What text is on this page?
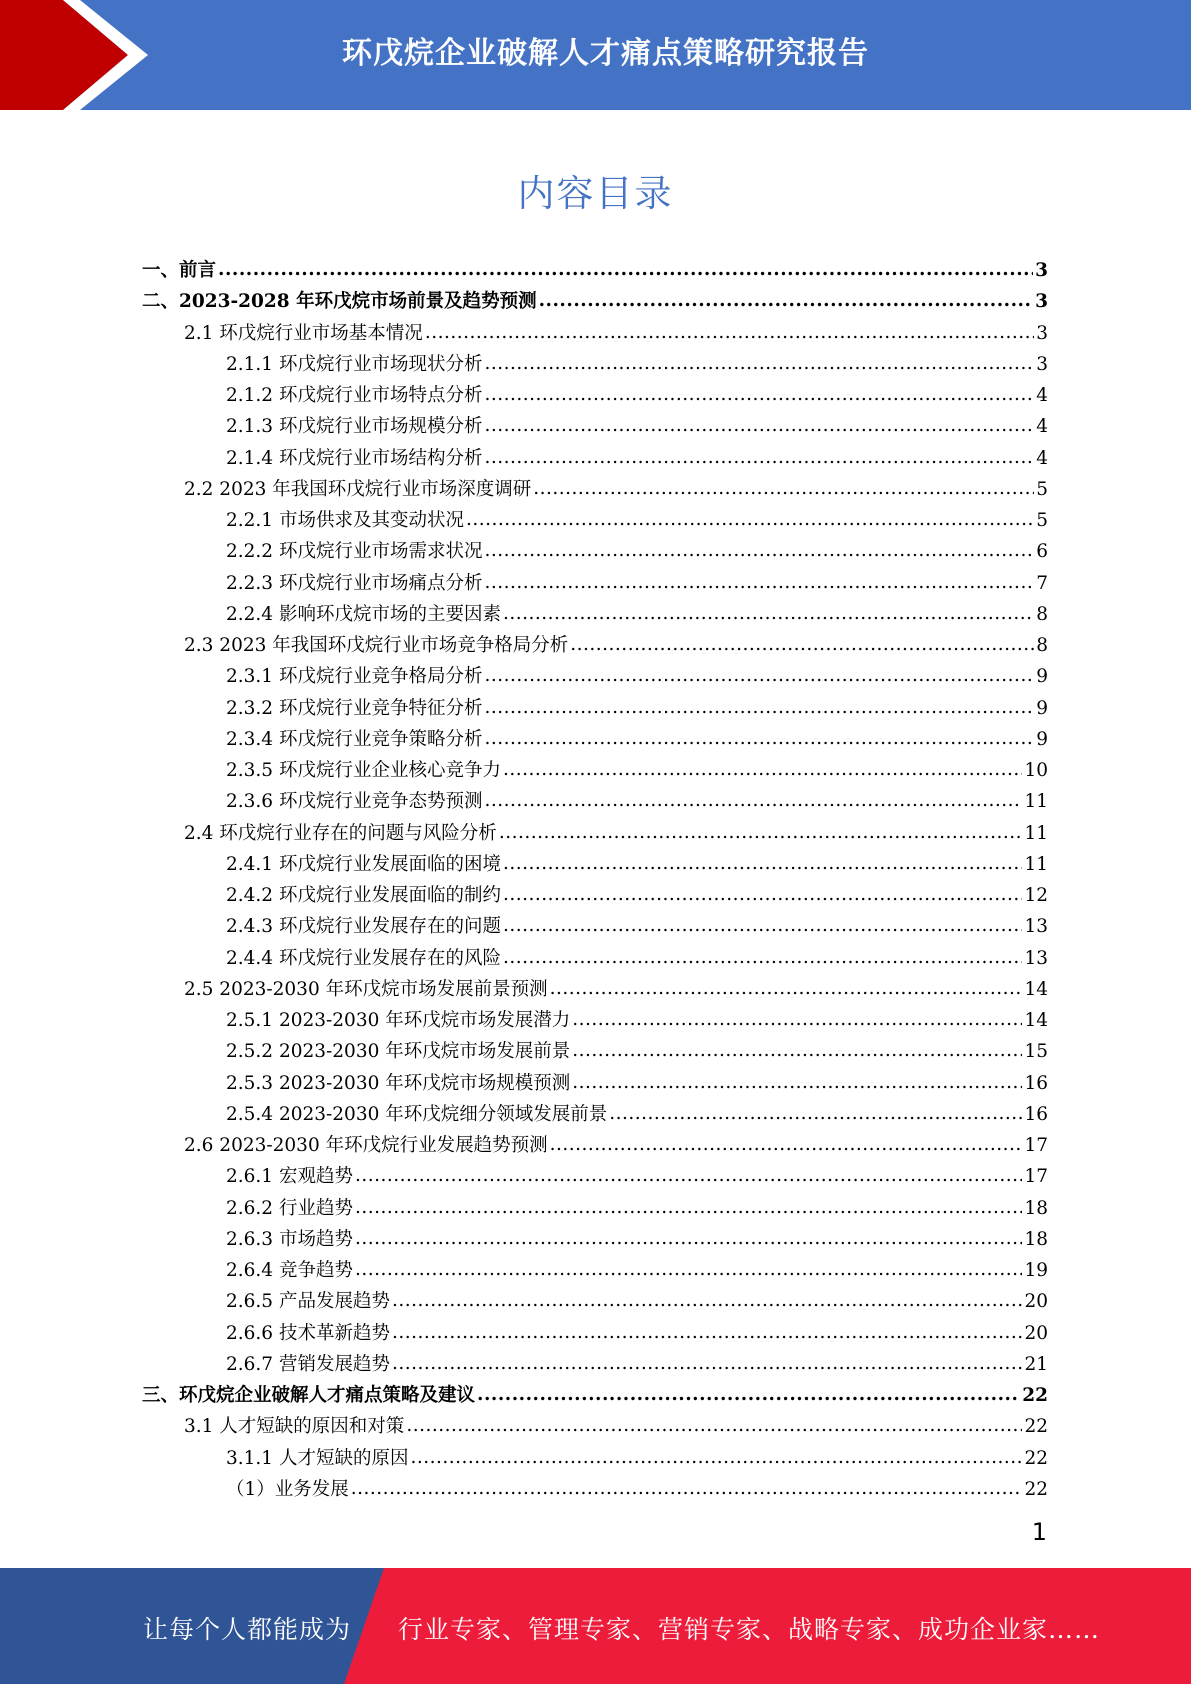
环戊烷企业破解人才痛点策略研究报告
内容目录
一、前言 .....	3
二、2023-2028 年环戊烷市场前景及趋势预测 .....	3
2.1 环戊烷行业市场基本情况 .....	3
2.1.1 环戊烷行业市场现状分析 .....	3
2.1.2 环戊烷行业市场特点分析 .....	4
2.1.3 环戊烷行业市场规模分析 .....	4
2.1.4 环戊烷行业市场结构分析 .....	4
2.2 2023 年我国环戊烷行业市场深度调研 .....	5
2.2.1 市场供求及其变动状况 .....	5
2.2.2 环戊烷行业市场需求状况 .....	6
2.2.3 环戊烷行业市场痛点分析 .....	7
2.2.4 影响环戊烷市场的主要因素 .....	8
2.3 2023 年我国环戊烷行业市场竞争格局分析 .....	8
2.3.1 环戊烷行业竞争格局分析 .....	9
2.3.2 环戊烷行业竞争特征分析 .....	9
2.3.4 环戊烷行业竞争策略分析 .....	9
2.3.5 环戊烷行业企业核心竞争力 .....	10
2.3.6 环戊烷行业竞争态势预测 .....	11
2.4 环戊烷行业存在的问题与风险分析 .....	11
2.4.1 环戊烷行业发展面临的困境 .....	11
2.4.2 环戊烷行业发展面临的制约 .....	12
2.4.3 环戊烷行业发展存在的问题 .....	13
2.4.4 环戊烷行业发展存在的风险 .....	13
2.5 2023-2030 年环戊烷市场发展前景预测 .....	14
2.5.1 2023-2030 年环戊烷市场发展潜力 .....	14
2.5.2 2023-2030 年环戊烷市场发展前景 .....	15
2.5.3 2023-2030 年环戊烷市场规模预测 .....	16
2.5.4 2023-2030 年环戊烷细分领域发展前景 .....	16
2.6 2023-2030 年环戊烷行业发展趋势预测 .....	17
2.6.1 宏观趋势 .....	17
2.6.2 行业趋势 .....	18
2.6.3 市场趋势 .....	18
2.6.4 竞争趋势 .....	19
2.6.5 产品发展趋势 .....	20
2.6.6 技术革新趋势 .....	20
2.6.7 营销发展趋势 .....	21
三、环戊烷企业破解人才痛点策略及建议 .....	22
3.1 人才短缺的原因和对策 .....	22
3.1.1 人才短缺的原因 .....	22
（1）业务发展 .....	22
1
让每个人都能成为 行业专家、管理专家、营销专家、战略专家、成功企业家……
